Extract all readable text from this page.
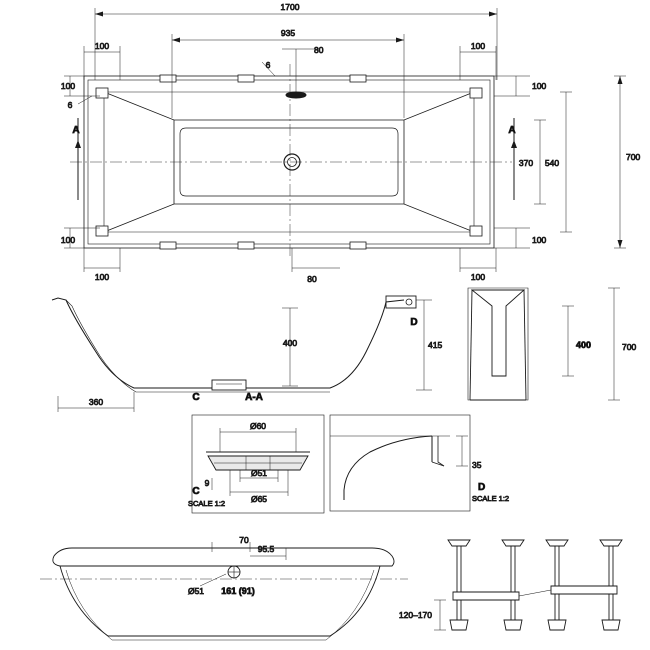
1700
935
100	100
100	100
100
100
100
100
700
540
370
80
80
6
6
A	A
400	415
360	C
D
A-A
400	700
Ø60
Ø51
Ø65
9
C
SCALE 1:2
35
D
SCALE 1:2
70
95.5
Ø51 161 (91)
120–170
